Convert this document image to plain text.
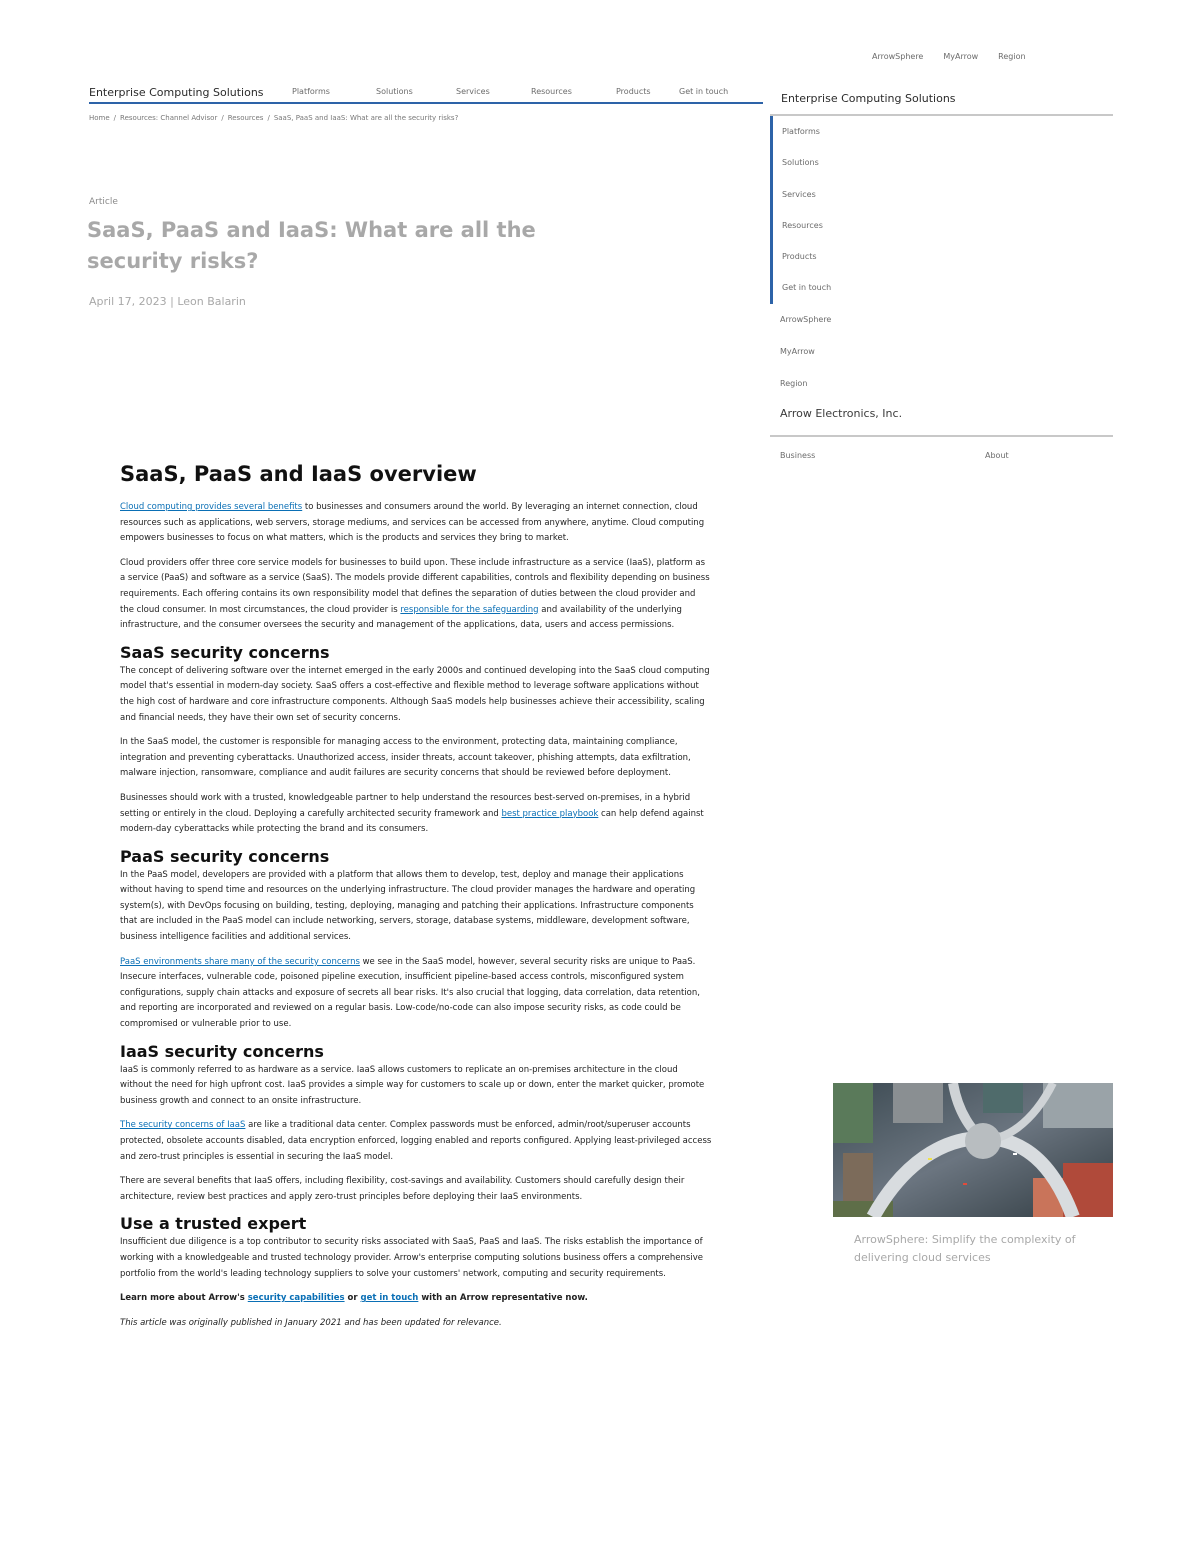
ArrowSphere	MyArrow	Region
Enterprise Computing Solutions	Platforms	Solutions	Services	Resources	Products	Get in touch
Home / Resources: Channel Advisor / Resources / SaaS, PaaS and IaaS: What are all the security risks?
Article
SaaS, PaaS and IaaS: What are all the security risks?
April 17, 2023 | Leon Balarin
Enterprise Computing Solutions
Platforms
Solutions
Services
Resources
Products
Get in touch
ArrowSphere
MyArrow
Region
Arrow Electronics, Inc.
Business	About
SaaS, PaaS and IaaS overview

Cloud computing provides several benefits to businesses and consumers around the world. By leveraging an internet connection, cloud resources such as applications, web servers, storage mediums, and services can be accessed from anywhere, anytime. Cloud computing empowers businesses to focus on what matters, which is the products and services they bring to market.

Cloud providers offer three core service models for businesses to build upon. These include infrastructure as a service (IaaS), platform as a service (PaaS) and software as a service (SaaS). The models provide different capabilities, controls and flexibility depending on business requirements. Each offering contains its own responsibility model that defines the separation of duties between the cloud provider and the cloud consumer. In most circumstances, the cloud provider is responsible for the safeguarding and availability of the underlying infrastructure, and the consumer oversees the security and management of the applications, data, users and access permissions.

SaaS security concerns

The concept of delivering software over the internet emerged in the early 2000s and continued developing into the SaaS cloud computing model that's essential in modern-day society. SaaS offers a cost-effective and flexible method to leverage software applications without the high cost of hardware and core infrastructure components. Although SaaS models help businesses achieve their accessibility, scaling and financial needs, they have their own set of security concerns.

In the SaaS model, the customer is responsible for managing access to the environment, protecting data, maintaining compliance, integration and preventing cyberattacks. Unauthorized access, insider threats, account takeover, phishing attempts, data exfiltration, malware injection, ransomware, compliance and audit failures are security concerns that should be reviewed before deployment.

Businesses should work with a trusted, knowledgeable partner to help understand the resources best-served on-premises, in a hybrid setting or entirely in the cloud. Deploying a carefully architected security framework and best practice playbook can help defend against modern-day cyberattacks while protecting the brand and its consumers.

PaaS security concerns

In the PaaS model, developers are provided with a platform that allows them to develop, test, deploy and manage their applications without having to spend time and resources on the underlying infrastructure. The cloud provider manages the hardware and operating system(s), with DevOps focusing on building, testing, deploying, managing and patching their applications. Infrastructure components that are included in the PaaS model can include networking, servers, storage, database systems, middleware, development software, business intelligence facilities and additional services.

PaaS environments share many of the security concerns we see in the SaaS model, however, several security risks are unique to PaaS. Insecure interfaces, vulnerable code, poisoned pipeline execution, insufficient pipeline-based access controls, misconfigured system configurations, supply chain attacks and exposure of secrets all bear risks. It's also crucial that logging, data correlation, data retention, and reporting are incorporated and reviewed on a regular basis. Low-code/no-code can also impose security risks, as code could be compromised or vulnerable prior to use.

IaaS security concerns

IaaS is commonly referred to as hardware as a service. IaaS allows customers to replicate an on-premises architecture in the cloud without the need for high upfront cost. IaaS provides a simple way for customers to scale up or down, enter the market quicker, promote business growth and connect to an onsite infrastructure.

The security concerns of IaaS are like a traditional data center. Complex passwords must be enforced, admin/root/superuser accounts protected, obsolete accounts disabled, data encryption enforced, logging enabled and reports configured. Applying least-privileged access and zero-trust principles is essential in securing the IaaS model.

There are several benefits that IaaS offers, including flexibility, cost-savings and availability. Customers should carefully design their architecture, review best practices and apply zero-trust principles before deploying their IaaS environments.

Use a trusted expert

Insufficient due diligence is a top contributor to security risks associated with SaaS, PaaS and IaaS. The risks establish the importance of working with a knowledgeable and trusted technology provider. Arrow's enterprise computing solutions business offers a comprehensive portfolio from the world's leading technology suppliers to solve your customers' network, computing and security requirements.

Learn more about Arrow's security capabilities or get in touch with an Arrow representative now.

This article was originally published in January 2021 and has been updated for relevance.

ArrowSphere: Simplify the complexity of delivering cloud services
